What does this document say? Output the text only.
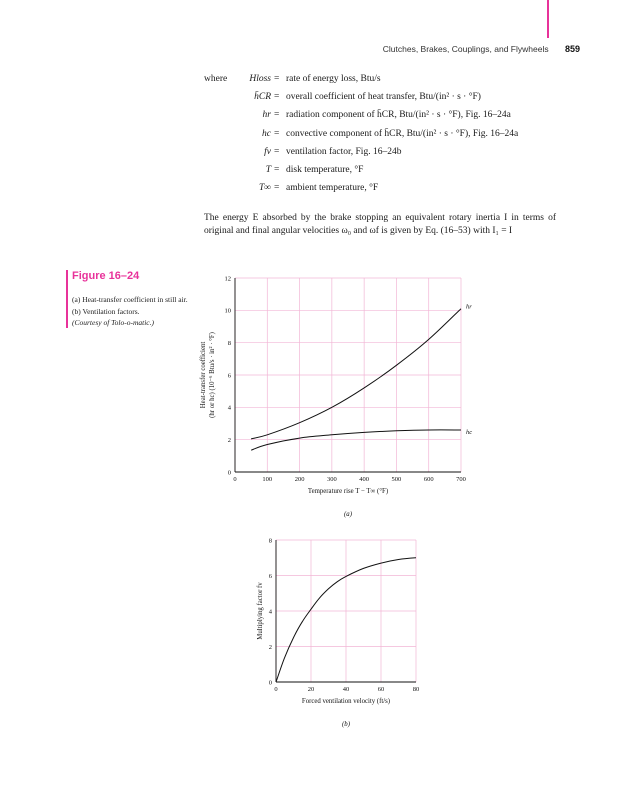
Clutches, Brakes, Couplings, and Flywheels 859
where	Hloss = rate of energy loss, Btu/s
h̄CR = overall coefficient of heat transfer, Btu/(in² · s · °F)
hr = radiation component of h̄CR, Btu/(in² · s · °F), Fig. 16–24a
hc = convective component of h̄CR, Btu/(in² · s · °F), Fig. 16–24a
fv = ventilation factor, Fig. 16–24b
T = disk temperature, °F
T∞ = ambient temperature, °F

The energy E absorbed by the brake stopping an equivalent rotary inertia I in terms of original and final angular velocities ω₀ and ωf is given by Eq. (16–53) with I₁ = I

Figure 16–24
(a) Heat-transfer coefficient in still air. (b) Ventilation factors.
(Courtesy of Tolo-o-matic.)
0	100	200	300	400	500	600	700
0
2
4
6
8
10
12
hr
hc
Temperature rise T − T∞ (°F)
Heat-transfer coefficient (hr or hc) (10⁻⁶ Btu/s · in² · °F)
(a)
0	20	40	60	80
0
2
4
6
8
Forced ventilation velocity (ft/s)
Multiplying factor fv
(b)
